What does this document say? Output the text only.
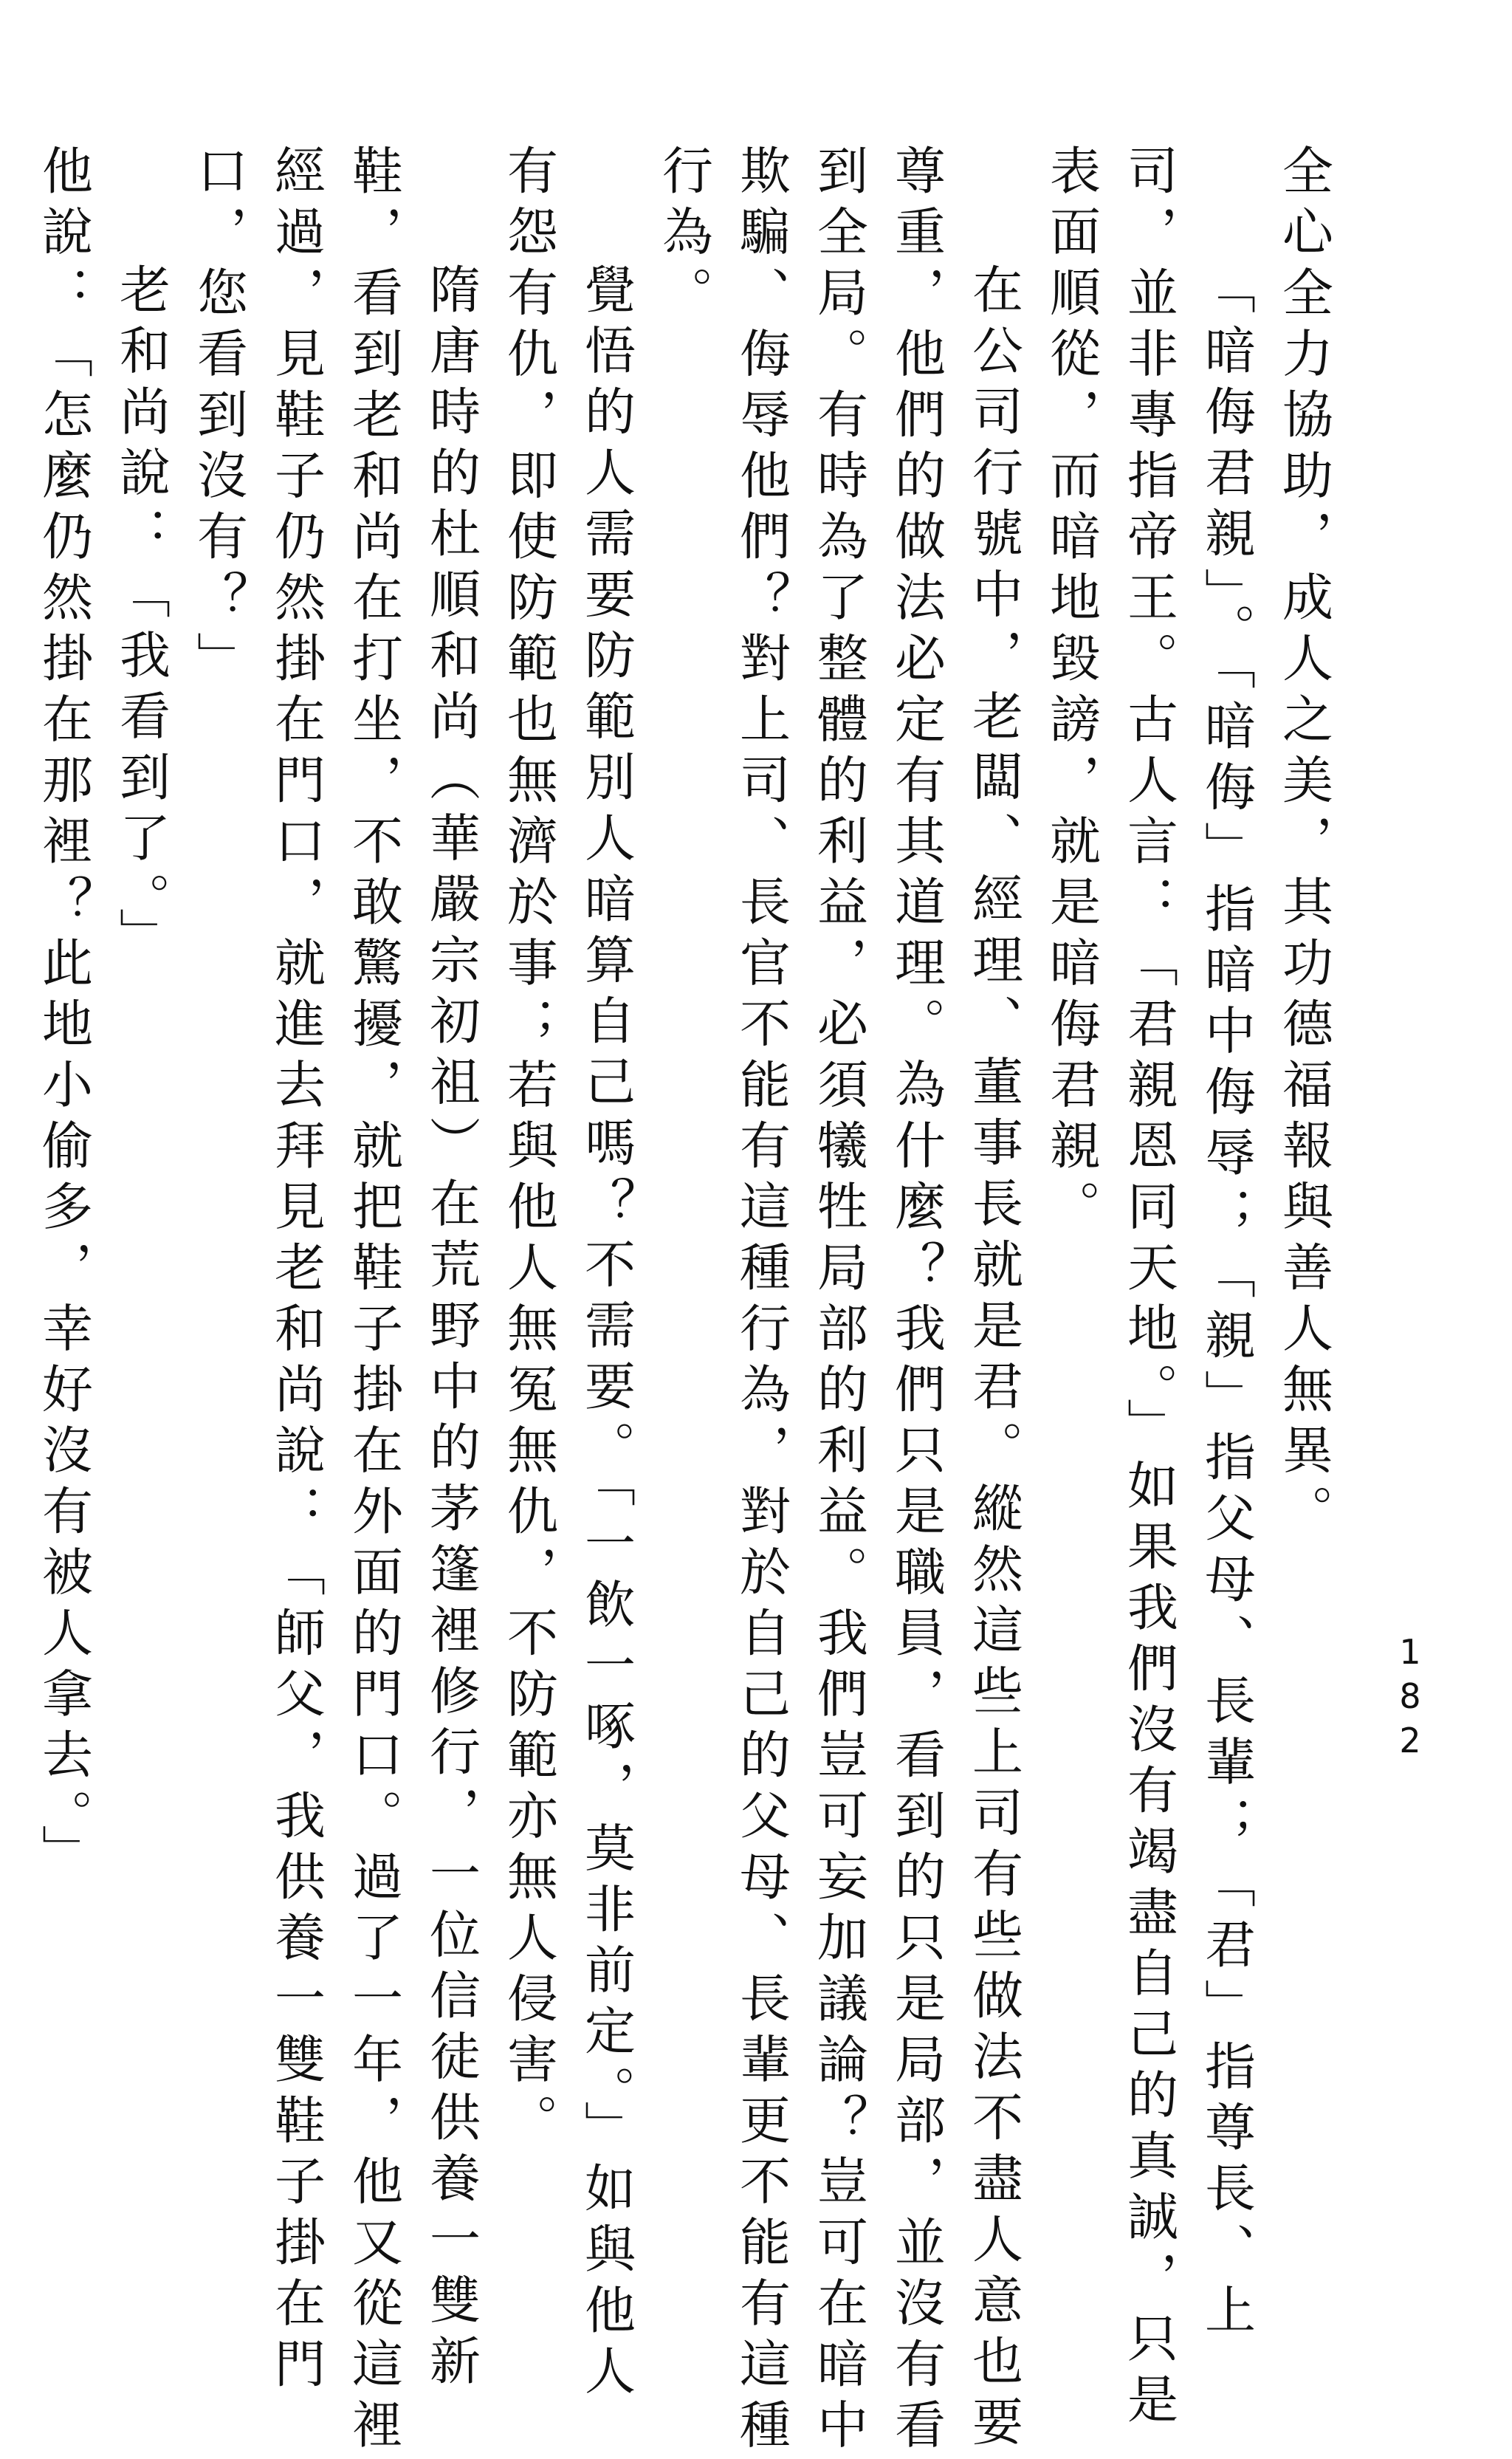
全心全力協助，成人之美，其功德福報與善人無異。
「暗侮君親」。「暗侮」指暗中侮辱；「親」指父母、長輩；「君」指尊長、上
司，並非專指帝王。古人言：「君親恩同天地。」如果我們沒有竭盡自己的真誠，只是
表面順從，而暗地毀謗，就是暗侮君親。
在公司行號中，老闆、經理、董事長就是君。縱然這些上司有些做法不盡人意也要
尊重，他們的做法必定有其道理。為什麼？我們只是職員，看到的只是局部，並沒有看
到全局。有時為了整體的利益，必須犧牲局部的利益。我們豈可妄加議論？豈可在暗中
欺騙、侮辱他們？對上司、長官不能有這種行為，對於自己的父母、長輩更不能有這種
行為。
覺悟的人需要防範別人暗算自己嗎？不需要。「一飲一啄，莫非前定。」如與他人
有怨有仇，即使防範也無濟於事；若與他人無冤無仇，不防範亦無人侵害。
隋唐時的杜順和尚（華嚴宗初祖）在荒野中的茅篷裡修行，一位信徒供養一雙新
鞋，看到老和尚在打坐，不敢驚擾，就把鞋子掛在外面的門口。過了一年，他又從這裡
經過，見鞋子仍然掛在門口，就進去拜見老和尚說：「師父，我供養一雙鞋子掛在門
口，您看到沒有？」
老和尚說：「我看到了。」
他說：「怎麼仍然掛在那裡？此地小偷多，幸好沒有被人拿去。」	182
